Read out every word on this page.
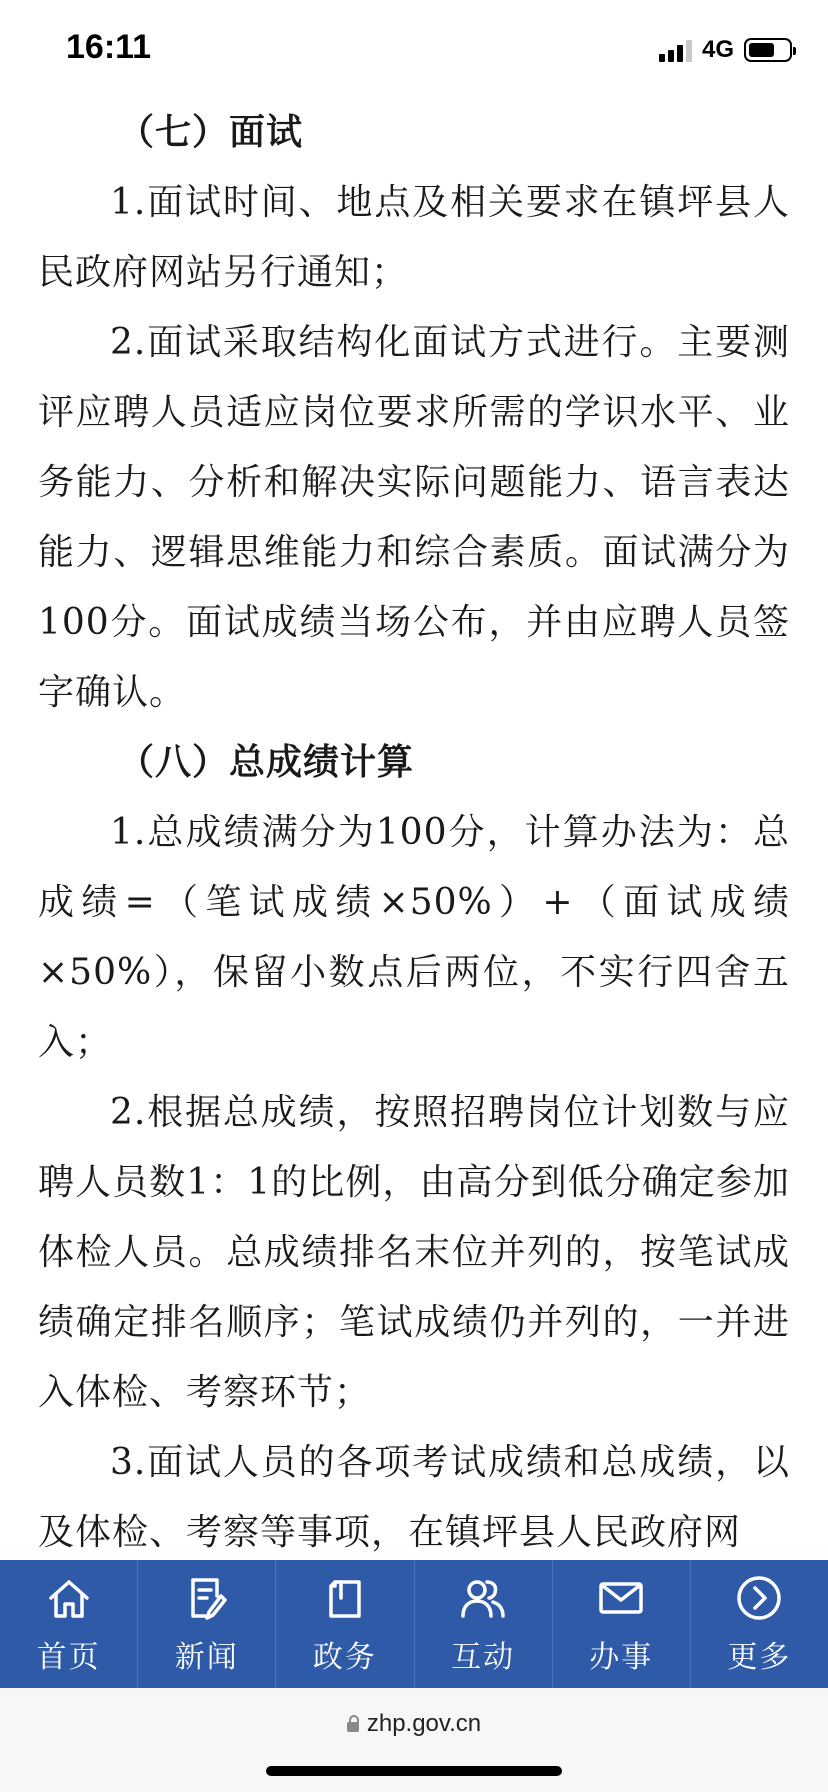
16:11	4G
（七）面试

1.面试时间、地点及相关要求在镇坪县人民政府网站另行通知；

2.面试采取结构化面试方式进行。主要测评应聘人员适应岗位要求所需的学识水平、业务能力、分析和解决实际问题能力、语言表达能力、逻辑思维能力和综合素质。面试满分为100分。面试成绩当场公布，并由应聘人员签字确认。

（八）总成绩计算

1.总成绩满分为100分，计算办法为：总成绩=（笔试成绩×50%）+（面试成绩×50%），保留小数点后两位，不实行四舍五入；

2.根据总成绩，按照招聘岗位计划数与应聘人员数1：1的比例，由高分到低分确定参加体检人员。总成绩排名末位并列的，按笔试成绩确定排名顺序；笔试成绩仍并列的，一并进入体检、考察环节；

3.面试人员的各项考试成绩和总成绩，以及体检、考察等事项，在镇坪县人民政府网

首页 新闻 政务 互动 办事 更多
zhp.gov.cn
